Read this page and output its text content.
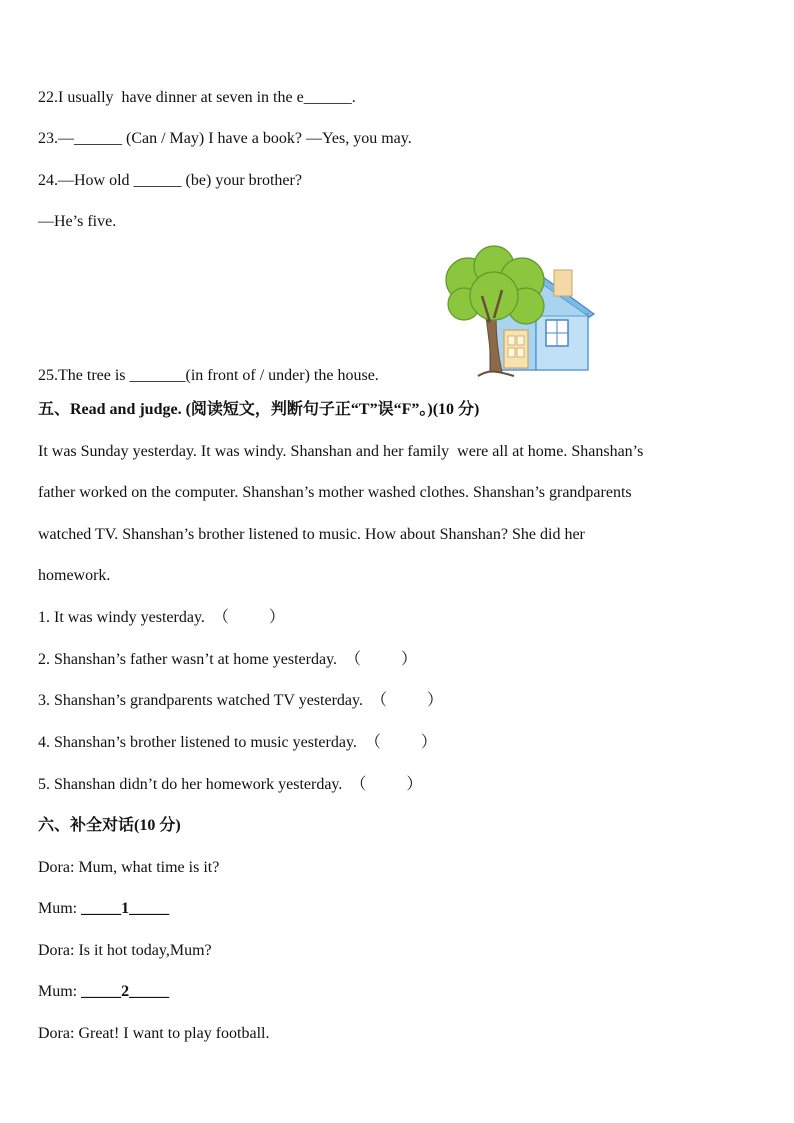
22.I usually  have dinner at seven in the e______.
23.—______ (Can / May) I have a book? —Yes, you may.
24.—How old ______ (be) your brother?
—He’s five.
25.The tree is _______(in front of / under) the house.
五、Read and judge. (阅读短文，判断句子正“T”误“F”。)(10 分)
It was Sunday yesterday. It was windy. Shanshan and her family  were all at home. Shanshan’s
father worked on the computer. Shanshan’s mother washed clothes. Shanshan’s grandparents
watched TV. Shanshan’s brother listened to music. How about Shanshan? She did her
homework.
1. It was windy yesterday.  （          ）
2. Shanshan’s father wasn’t at home yesterday.  （          ）
3. Shanshan’s grandparents watched TV yesterday.  （          ）
4. Shanshan’s brother listened to music yesterday.  （          ）
5. Shanshan didn’t do her homework yesterday.  （          ）
六、补全对话(10 分)
Dora: Mum, what time is it?
Mum: _____1_____
Dora: Is it hot today,Mum?
Mum: _____2_____
Dora: Great! I want to play football.
